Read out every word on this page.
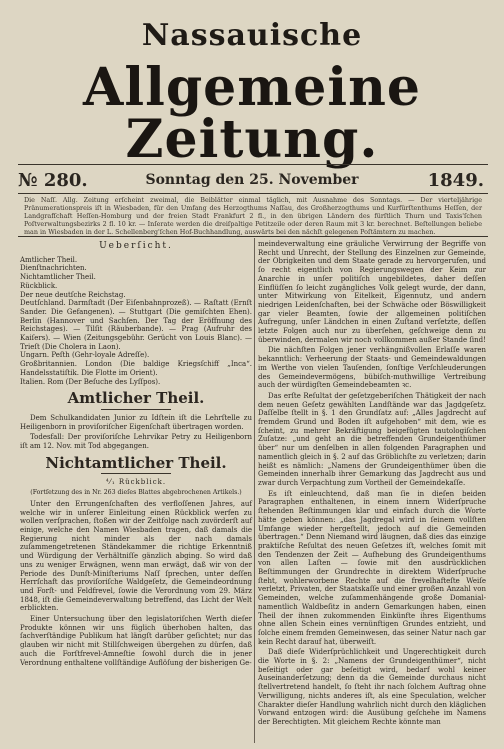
Nassauische
Allgemeine Zeitung.
№ 280.	Sonntag den 25. November	1849.
Die Naſſ. Allg. Zeitung erſcheint zweimal, die Beiblätter einmal täglich, mit Ausnahme des Sonntags. — Der vierteljährige Pränumerationspreis iſt in Wiesbaden, für den Umfang des Herzogthums Naſſau, des Großherzogthums und Kurfürſtenthums Heſſen, der Landgrafſchaft Heſſen-Homburg und der freien Stadt Frankfurt 2 fl., in den übrigen Ländern des fürſtlich Thurn und Taxis'ſchen Poſtverwaltungsbezirks 2 fl. 10 kr. — Inſerate werden die dreiſpaltige Petitzeile oder deren Raum mit 3 kr. berechnet. Beſtellungen beliebe man in Wiesbaden in der L. Schellenberg'ſchen Hof-Buchhandlung, auswärts bei den nächſt gelegenen Poſtämtern zu machen.
Ueberſicht.
Amtlicher Theil.
Dienſtnachrichten.
Nichtamtlicher Theil.
Rückblick.
Der neue deutſche Reichstag.
Deutſchland. Darmſtadt (Der Eiſenbahnprozeß). — Raſtatt (Ernſt Sander. Die Gefangenen). — Stuttgart (Die gemiſchten Ehen). Berlin (Hannover und Sachſen. Der Tag der Eröffnung des Reichstages). — Tilſit (Räuberbande). — Prag (Aufruhr des Kaiſers). — Wien (Zeitungsgebühr. Gerücht von Louis Blanc). — Trieſt (Die Cholera in Laon).
Ungarn. Peſth (Gehr-loyale Adreſſe).
Großbritannien. London (Die baldige Kriegsſchiff „Inca“. Handelsstatiſtik. Die Flotte im Orient).
Italien. Rom (Der Beſuche des Lyſſpos).
Amtlicher Theil.

Dem Schulkandidaten Junior zu Idſtein iſt die Lehrſtelle zu Heiligenborn in proviſoriſcher Eigenſchaft übertragen worden.

Todesfall: Der proviſoriſche Lehrvikar Petry zu Heiligenborn iſt am 12. Nov. mit Tod abgegangen.

Nichtamtlicher Theil.

⁴⁄₁ Rückblick.

(Fortſetzung des in Nr. 263 dieſes Blattes abgebrochenen Artikels.)

Unter den Errungenſchaften des verfloſſenen Jahres, auf welche wir in unſerer Einleitung einen Rückblick werfen zu wollen verſprachen, ſtoßen wir der Zeitfolge nach zuvörderſt auf einige, welche den Namen Wiesbaden tragen, daß damals die Regierung nicht minder als der nach damals zuſammengetretenen Ständekammer die richtige Erkenntniß und Würdigung der Verhältniſſe gänzlich abging. So wird daß uns zu weniger Erwägnen, wenn man erwägt, daß wir von der Periode des Dunſt-Miniſteriums Naſſ ſprechen, unter deſſen Herrſchaft das proviſoriſche Waldgeſetz, die Gemeindeordnung und Forſt- und Feldfrevel, ſowie die Verordnung vom 29. März 1848, iſt die Gemeindeverwaltung betreffend, das Licht der Welt erblickten.

Einer Untersuchung über den legislatoriſchen Werth dieſer Produkte können wir uns füglich überhoben halten, das ſachverſtändige Publikum hat längſt darüber geſichtet; nur das glauben wir nicht mit Stillſchweigen übergehen zu dürfen, daß auch die Forſtfrevel-Amneſtie ſowohl durch die in jener Verordnung enthaltene vollſtändige Auflöſung der bisherigen Ge-

meindeverwaltung eine gräuliche Verwirrung der Begriffe von Recht und Unrecht, der Stellung des Einzelnen zur Gemeinde, der Obrigkeiten und dem Staate gerade zu hervorgerufen, und ſo recht eigentlich von Regierungswegen der Keim zur Anarchie in unſer politiſch ungebildetes, daher deſſen Einflüſſen ſo leicht zugängliches Volk gelegt wurde, der dann, unter Mitwirkung von Eitelkeit, Eigennutz, und andern niedrigen Leidenſchaften, bei der Schwäche oder Böswilligkeit gar vieler Beamten, ſowie der allgemeinen politiſchen Aufregung, unſer Ländchen in einen Zuſtand verſetzte, deſſen letzte Folgen auch nur zu überſehen, geſchweige denn zu überwinden, dermalen wir noch vollkommen außer Stande ſind!

Die nächſten Folgen jener verhängnißvollen Erlaſſe waren bekanntlich: Verheerung der Staats- und Gemeindewaldungen im Werthe von vielen Tauſenden, ſonſtige Verſchleuderungen des Gemeindevermögens, bübiſch-muthwillige Vertreibung auch der würdigſten Gemeindebeamten ꝛc.

Das erſte Reſultat der geſetzgeberiſchen Thätigkeit der nach dem neuen Geſetz gewählten Landſtände war das Jagdgeſetz. Daſſelbe ſtellt in §. 1 den Grundſatz auf: „Alles Jagdrecht auf fremdem Grund und Boden iſt aufgehoben“ mit dem, wie es ſcheint, zu mehrer Bekräftigung beigefügten tautologiſchen Zuſatze: „und geht an die betreffenden Grundeigenthümer über“ nur um denſelben in allen folgenden Paragraphen und namentlich gleich in §. 2 auf das Gröblichſte zu verletzen; darin heißt es nämlich: „Namens der Grundeigenthümer üben die Gemeinden innerhalb ihrer Gemarkung das Jagdrecht aus und zwar durch Verpachtung zum Vortheil der Gemeindekaſſe.

Es iſt einleuchtend, daß man ſie in dieſen beiden Paragraphen enthaltenen, in einem innern Widerſpruche ſtehenden Beſtimmungen klar und einfach durch die Worte hätte geben können: „das Jagdregal wird in ſeinem vollſten Umfange wieder hergeſtellt, jedoch auf die Gemeinden übertragen.“ Denn Niemand wird läugnen, daß dies das einzige praktiſche Reſultat des neuen Geſetzes iſt, welches ſomit mit den Tendenzen der Zeit — Aufhebung des Grundeigenthums von allen Laſten — ſowie mit den ausdrücklichen Beſtimmungen der Grundrechte in direktem Widerſpruche ſteht, wohlerworbene Rechte auf die frevelhafteſte Weiſe verletzt, Privaten, der Staatskaſſe und einer großen Anzahl von Gemeinden, welche zuſammenhängende große Domanial- namentlich Waldbeſitz in andern Gemarkungen haben, einen Theil der ihnen zukommenden Einkünfte ihres Eigenthums ohne allen Schein eines vernünftigen Grundes entzieht, und ſolche einem fremden Gemeinwesen, das seiner Natur nach gar kein Recht darauf hat, überweiſt.

Daß dieſe Widerſprüchlichkeit und Ungerechtigkeit durch die Worte in §. 2: „Namens der Grundeigenthümer“, nicht beſeitigt oder gar beſeitigt wird, bedarf wohl keiner Auseinanderſetzung; denn da die Gemeinde durchaus nicht ſtellvertretend handelt, ſo ſteht ihr nach ſolchem Auftrag ohne Verwilligung, nichts anderes iſt, als eine Speculation, welcher Charakter dieſer Handlung wahrlich nicht durch den kläglichen Vorwand entzogen wird: die Ausübung geſchehe im Namens der Berechtigten. Mit gleichem Rechte könnte man
